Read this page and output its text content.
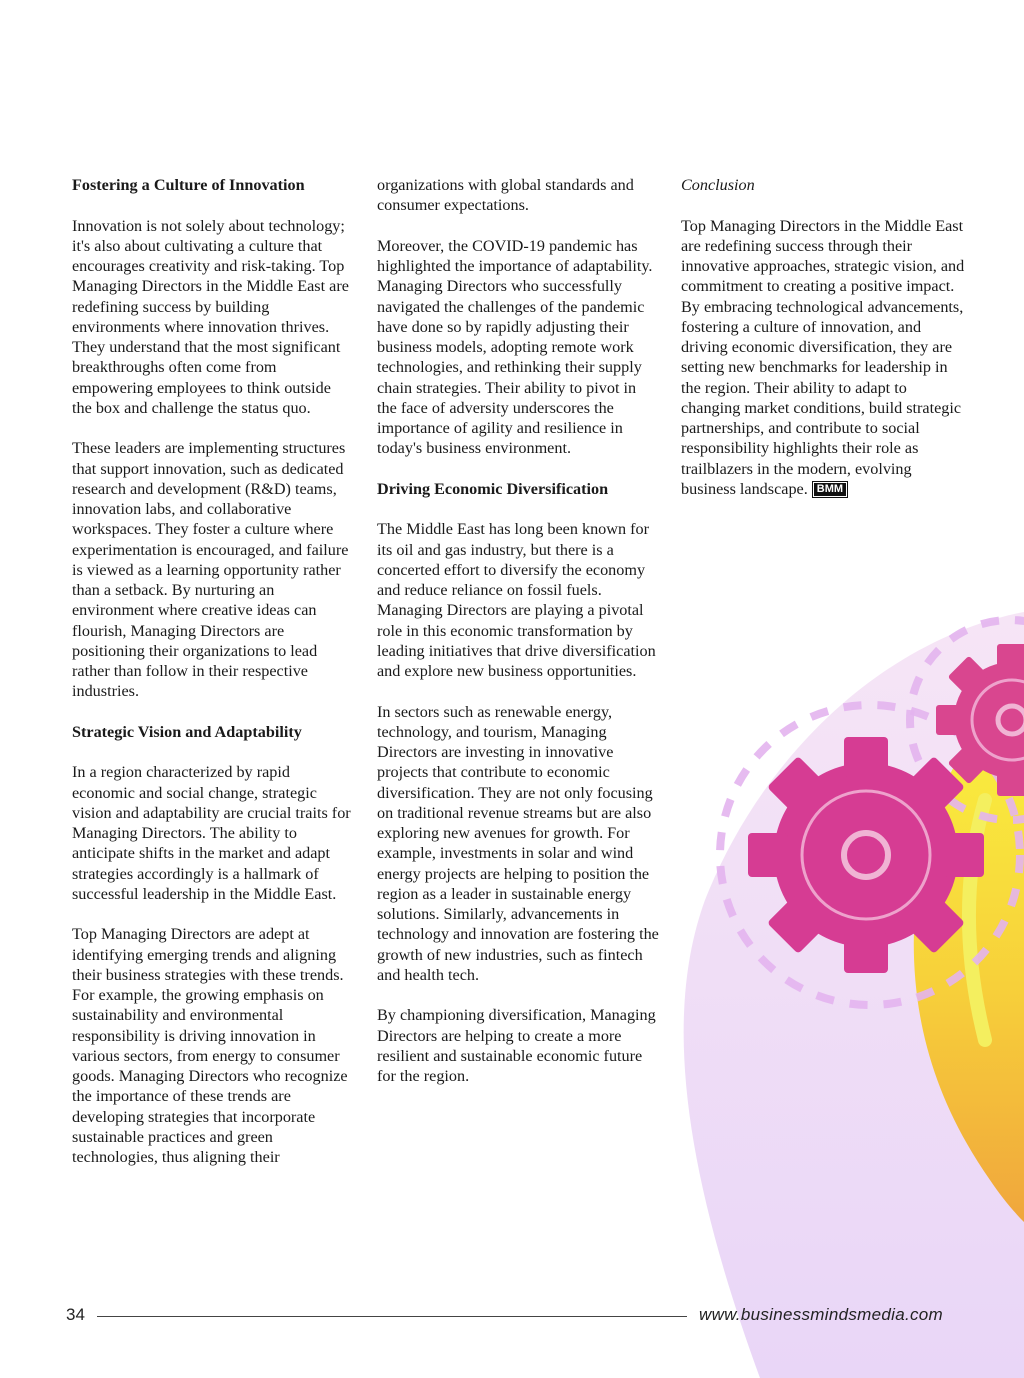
Fostering a Culture of Innovation

Innovation is not solely about technology; it's also about cultivating a culture that encourages creativity and risk-taking. Top Managing Directors in the Middle East are redefining success by building environments where innovation thrives. They understand that the most significant breakthroughs often come from empowering employees to think outside the box and challenge the status quo.

These leaders are implementing structures that support innovation, such as dedicated research and development (R&D) teams, innovation labs, and collaborative workspaces. They foster a culture where experimentation is encouraged, and failure is viewed as a learning opportunity rather than a setback. By nurturing an environment where creative ideas can flourish, Managing Directors are positioning their organizations to lead rather than follow in their respective industries.

Strategic Vision and Adaptability

In a region characterized by rapid economic and social change, strategic vision and adaptability are crucial traits for Managing Directors. The ability to anticipate shifts in the market and adapt strategies accordingly is a hallmark of successful leadership in the Middle East.

Top Managing Directors are adept at identifying emerging trends and aligning their business strategies with these trends. For example, the growing emphasis on sustainability and environmental responsibility is driving innovation in various sectors, from energy to consumer goods. Managing Directors who recognize the importance of these trends are developing strategies that incorporate sustainable practices and green technologies, thus aligning their

organizations with global standards and consumer expectations.

Moreover, the COVID-19 pandemic has highlighted the importance of adaptability. Managing Directors who successfully navigated the challenges of the pandemic have done so by rapidly adjusting their business models, adopting remote work technologies, and rethinking their supply chain strategies. Their ability to pivot in the face of adversity underscores the importance of agility and resilience in today's business environment.

Driving Economic Diversification

The Middle East has long been known for its oil and gas industry, but there is a concerted effort to diversify the economy and reduce reliance on fossil fuels. Managing Directors are playing a pivotal role in this economic transformation by leading initiatives that drive diversification and explore new business opportunities.

In sectors such as renewable energy, technology, and tourism, Managing Directors are investing in innovative projects that contribute to economic diversification. They are not only focusing on traditional revenue streams but are also exploring new avenues for growth. For example, investments in solar and wind energy projects are helping to position the region as a leader in sustainable energy solutions. Similarly, advancements in technology and innovation are fostering the growth of new industries, such as fintech and health tech.

By championing diversification, Managing Directors are helping to create a more resilient and sustainable economic future for the region.

Conclusion

Top Managing Directors in the Middle East are redefining success through their innovative approaches, strategic vision, and commitment to creating a positive impact. By embracing technological advancements, fostering a culture of innovation, and driving economic diversification, they are setting new benchmarks for leadership in the region. Their ability to adapt to changing market conditions, build strategic partnerships, and contribute to social responsibility highlights their role as trailblazers in the modern, evolving business landscape. BMM

34	www.businessmindsmedia.com
